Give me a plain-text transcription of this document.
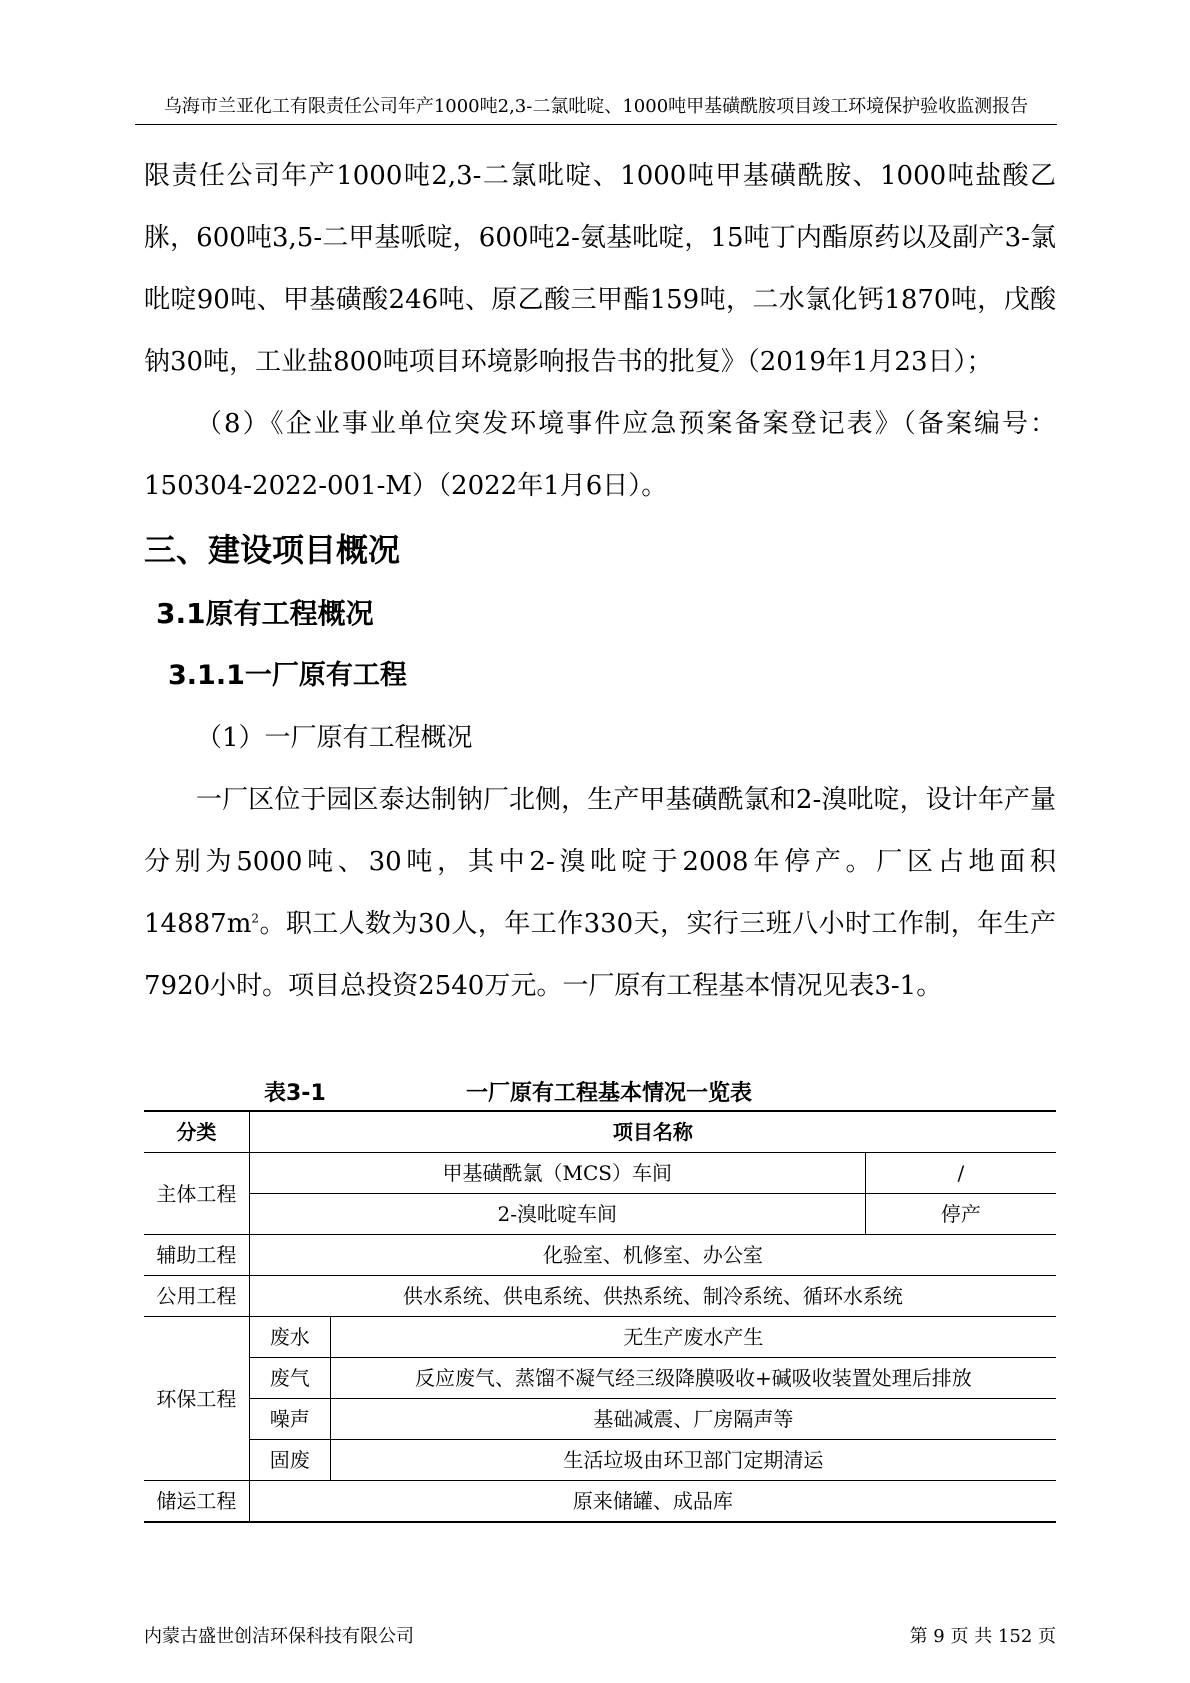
乌海市兰亚化工有限责任公司年产1000吨2,3-二氯吡啶、1000吨甲基磺酰胺项目竣工环境保护验收监测报告

限责任公司年产1000吨2,3-二氯吡啶、1000吨甲基磺酰胺、1000吨盐酸乙脒，600吨3,5-二甲基哌啶，600吨2-氨基吡啶，15吨丁内酯原药以及副产3-氯吡啶90吨、甲基磺酸246吨、原乙酸三甲酯159吨，二水氯化钙1870吨，戊酸钠30吨，工业盐800吨项目环境影响报告书的批复》（2019年1月23日）；

（8）《企业事业单位突发环境事件应急预案备案登记表》（备案编号：150304-2022-001-M）（2022年1月6日）。

三、建设项目概况

3.1原有工程概况

3.1.1一厂原有工程

（1）一厂原有工程概况

一厂区位于园区泰达制钠厂北侧，生产甲基磺酰氯和2-溴吡啶，设计年产量分别为5000吨、30吨，其中2-溴吡啶于2008年停产。厂区占地面积$14887m^2$。职工人数为30人，年工作330天，实行三班八小时工作制，年生产7920小时。项目总投资2540万元。一厂原有工程基本情况见表3-1。

表3-1	一厂原有工程基本情况一览表
分类	项目名称		
主体工程	甲基磺酰氯（MCS）车间		/
	2-溴吡啶车间		停产
辅助工程	化验室、机修室、办公室		
公用工程	供水系统、供电系统、供热系统、制冷系统、循环水系统		
环保工程	废水	无生产废水产生	
	废气	反应废气、蒸馏不凝气经三级降膜吸收+碱吸收装置处理后排放	
	噪声	基础减震、厂房隔声等	
	固废	生活垃圾由环卫部门定期清运	
储运工程	原来储罐、成品库		
内蒙古盛世创洁环保科技有限公司	第 9 页 共 152 页
